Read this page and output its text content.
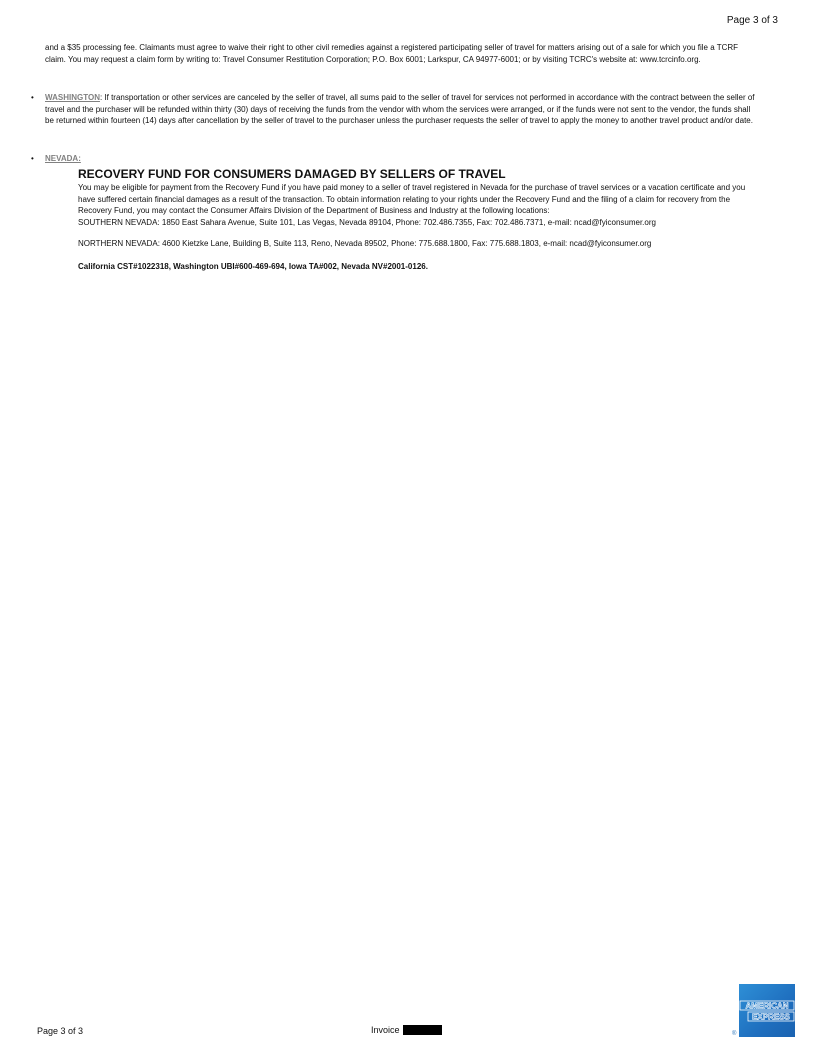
Page 3 of 3
and a $35 processing fee. Claimants must agree to waive their right to other civil remedies against a registered participating seller of travel for matters arising out of a sale for which you file a TCRF claim. You may request a claim form by writing to: Travel Consumer Restitution Corporation; P.O. Box 6001; Larkspur, CA 94977-6001; or by visiting TCRC's website at: www.tcrcinfo.org.
•	WASHINGTON: If transportation or other services are canceled by the seller of travel, all sums paid to the seller of travel for services not performed in accordance with the contract between the seller of travel and the purchaser will be refunded within thirty (30) days of receiving the funds from the vendor with whom the services were arranged, or if the funds were not sent to the vendor, the funds shall be returned within fourteen (14) days after cancellation by the seller of travel to the purchaser unless the purchaser requests the seller of travel to apply the money to another travel product and/or date.
•	NEVADA:
RECOVERY FUND FOR CONSUMERS DAMAGED BY SELLERS OF TRAVEL

You may be eligible for payment from the Recovery Fund if you have paid money to a seller of travel registered in Nevada for the purchase of travel services or a vacation certificate and you have suffered certain financial damages as a result of the transaction. To obtain information relating to your rights under the Recovery Fund and the filing of a claim for recovery from the Recovery Fund, you may contact the Consumer Affairs Division of the Department of Business and Industry at the following locations:

SOUTHERN NEVADA: 1850 East Sahara Avenue, Suite 101, Las Vegas, Nevada 89104, Phone: 702.486.7355, Fax: 702.486.7371, e-mail: ncad@fyiconsumer.org

NORTHERN NEVADA: 4600 Kietzke Lane, Building B, Suite 113, Reno, Nevada 89502, Phone: 775.688.1800, Fax: 775.688.1803, e-mail: ncad@fyiconsumer.org

California CST#1022318, Washington UBI#600-469-694, Iowa TA#002, Nevada NV#2001-0126.
Page 3 of 3	Invoice
AMERICAN
EXPRESS
®
